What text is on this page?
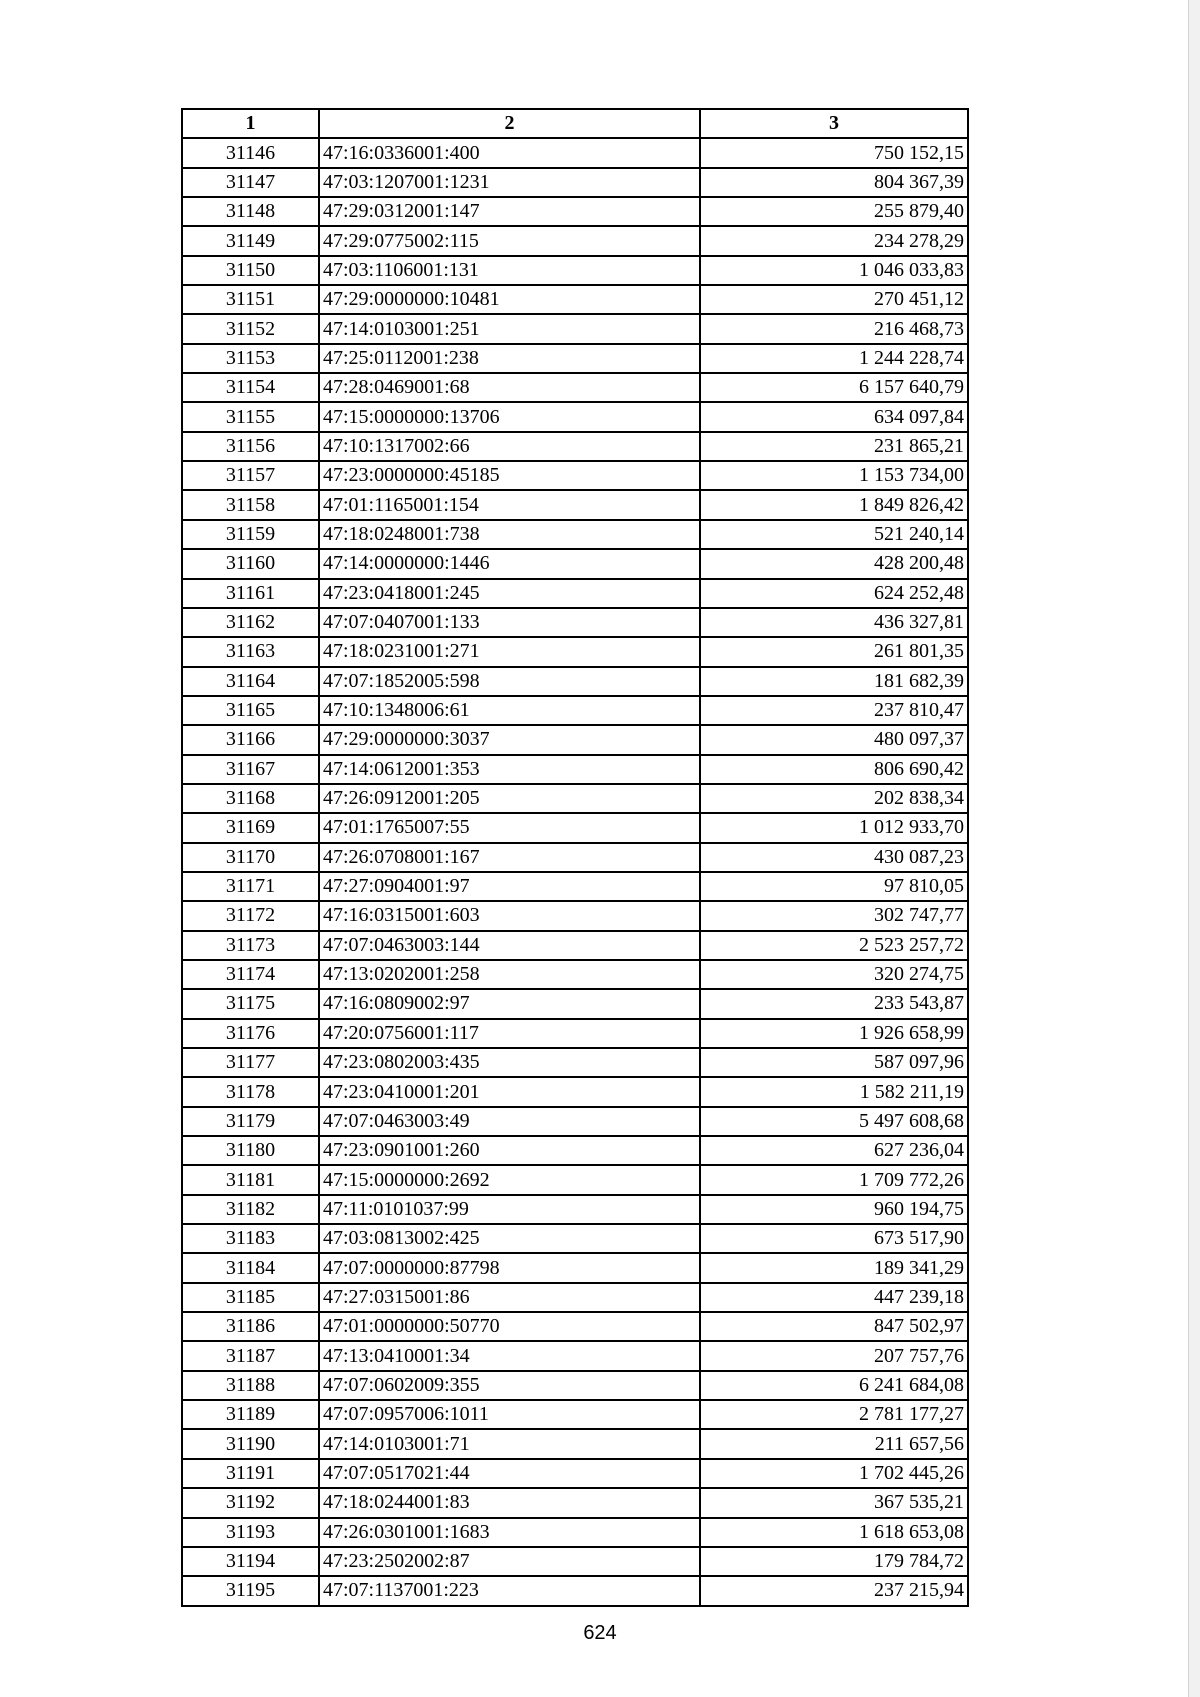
1	2	3
31146	47:16:0336001:400	750 152,15
31147	47:03:1207001:1231	804 367,39
31148	47:29:0312001:147	255 879,40
31149	47:29:0775002:115	234 278,29
31150	47:03:1106001:131	1 046 033,83
31151	47:29:0000000:10481	270 451,12
31152	47:14:0103001:251	216 468,73
31153	47:25:0112001:238	1 244 228,74
31154	47:28:0469001:68	6 157 640,79
31155	47:15:0000000:13706	634 097,84
31156	47:10:1317002:66	231 865,21
31157	47:23:0000000:45185	1 153 734,00
31158	47:01:1165001:154	1 849 826,42
31159	47:18:0248001:738	521 240,14
31160	47:14:0000000:1446	428 200,48
31161	47:23:0418001:245	624 252,48
31162	47:07:0407001:133	436 327,81
31163	47:18:0231001:271	261 801,35
31164	47:07:1852005:598	181 682,39
31165	47:10:1348006:61	237 810,47
31166	47:29:0000000:3037	480 097,37
31167	47:14:0612001:353	806 690,42
31168	47:26:0912001:205	202 838,34
31169	47:01:1765007:55	1 012 933,70
31170	47:26:0708001:167	430 087,23
31171	47:27:0904001:97	97 810,05
31172	47:16:0315001:603	302 747,77
31173	47:07:0463003:144	2 523 257,72
31174	47:13:0202001:258	320 274,75
31175	47:16:0809002:97	233 543,87
31176	47:20:0756001:117	1 926 658,99
31177	47:23:0802003:435	587 097,96
31178	47:23:0410001:201	1 582 211,19
31179	47:07:0463003:49	5 497 608,68
31180	47:23:0901001:260	627 236,04
31181	47:15:0000000:2692	1 709 772,26
31182	47:11:0101037:99	960 194,75
31183	47:03:0813002:425	673 517,90
31184	47:07:0000000:87798	189 341,29
31185	47:27:0315001:86	447 239,18
31186	47:01:0000000:50770	847 502,97
31187	47:13:0410001:34	207 757,76
31188	47:07:0602009:355	6 241 684,08
31189	47:07:0957006:1011	2 781 177,27
31190	47:14:0103001:71	211 657,56
31191	47:07:0517021:44	1 702 445,26
31192	47:18:0244001:83	367 535,21
31193	47:26:0301001:1683	1 618 653,08
31194	47:23:2502002:87	179 784,72
31195	47:07:1137001:223	237 215,94
624
